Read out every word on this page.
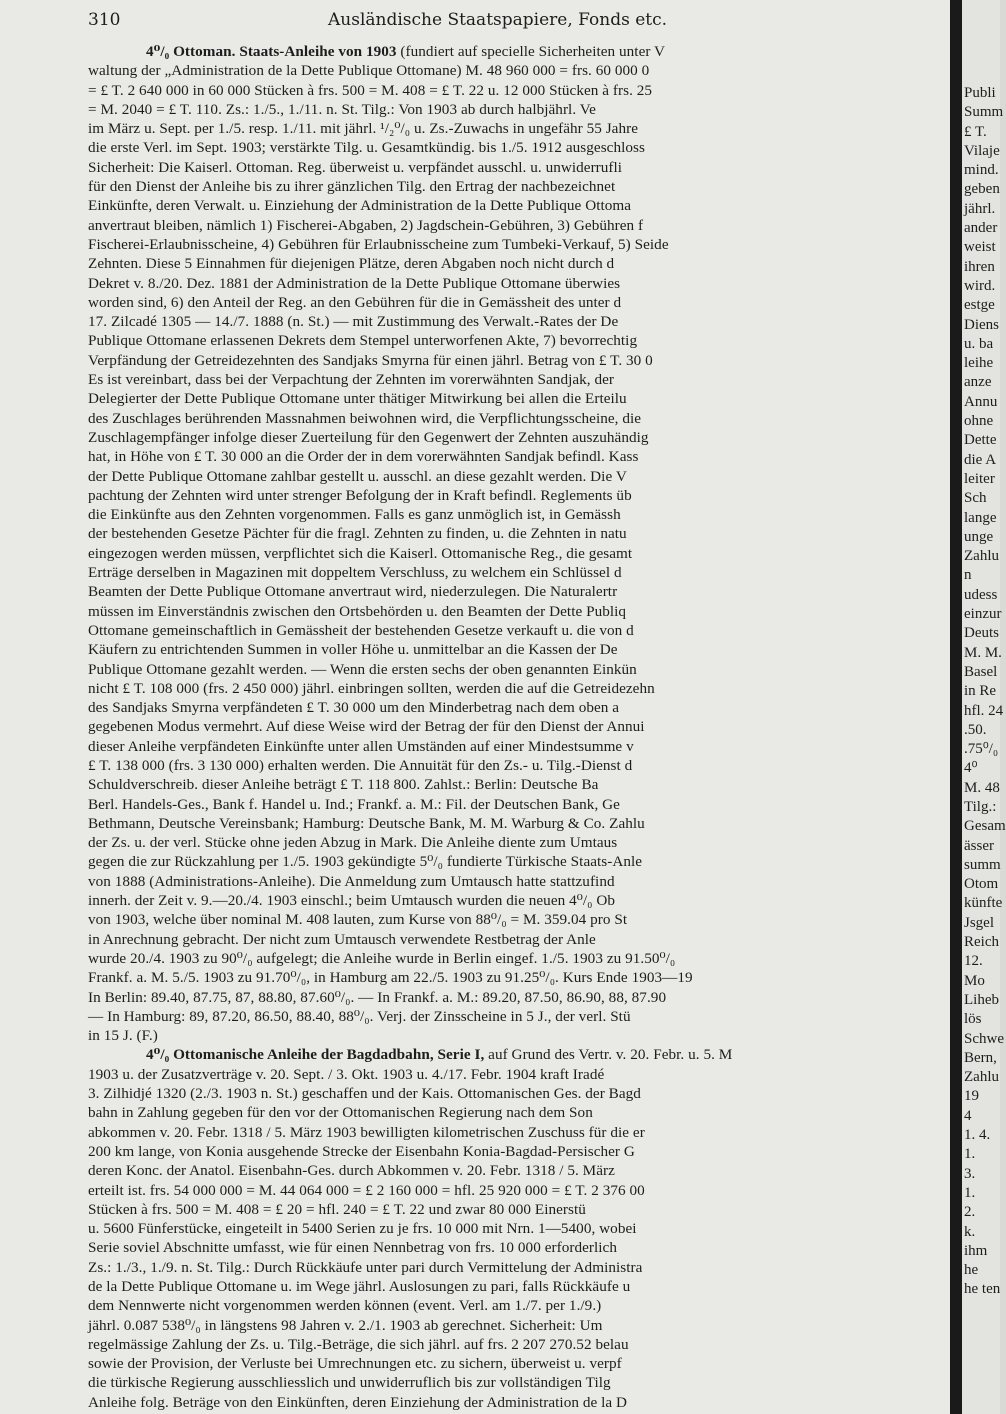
310	Ausländische Staatspapiere, Fonds etc.
4⁰/₀ Ottoman. Staats-Anleihe von 1903 (fundiert auf specielle Sicherheiten unter V
waltung der „Administration de la Dette Publique Ottomane) M. 48 960 000 = frs. 60 000 0
= £ T. 2 640 000 in 60 000 Stücken à frs. 500 = M. 408 = £ T. 22 u. 12 000 Stücken à frs. 25
= M. 2040 = £ T. 110. Zs.: 1./5., 1./11. n. St. Tilg.: Von 1903 ab durch halbjährl. Ve
im März u. Sept. per 1./5. resp. 1./11. mit jährl. ¹/₂⁰/₀ u. Zs.-Zuwachs in ungefähr 55 Jahre
die erste Verl. im Sept. 1903; verstärkte Tilg. u. Gesamtkündig. bis 1./5. 1912 ausgeschloss
Sicherheit: Die Kaiserl. Ottoman. Reg. überweist u. verpfändet ausschl. u. unwiderrufli
für den Dienst der Anleihe bis zu ihrer gänzlichen Tilg. den Ertrag der nachbezeichnet
Einkünfte, deren Verwalt. u. Einziehung der Administration de la Dette Publique Ottoma
anvertraut bleiben, nämlich 1) Fischerei-Abgaben, 2) Jagdschein-Gebühren, 3) Gebühren f
Fischerei-Erlaubnisscheine, 4) Gebühren für Erlaubnisscheine zum Tumbeki-Verkauf, 5) Seide
Zehnten. Diese 5 Einnahmen für diejenigen Plätze, deren Abgaben noch nicht durch d
Dekret v. 8./20. Dez. 1881 der Administration de la Dette Publique Ottomane überwies
worden sind, 6) den Anteil der Reg. an den Gebühren für die in Gemässheit des unter d
17. Zilcadé 1305 — 14./7. 1888 (n. St.) — mit Zustimmung des Verwalt.-Rates der De
Publique Ottomane erlassenen Dekrets dem Stempel unterworfenen Akte, 7) bevorrechtig
Verpfändung der Getreidezehnten des Sandjaks Smyrna für einen jährl. Betrag von £ T. 30 0
Es ist vereinbart, dass bei der Verpachtung der Zehnten im vorerwähnten Sandjak, der
Delegierter der Dette Publique Ottomane unter thätiger Mitwirkung bei allen die Erteilu
des Zuschlages berührenden Massnahmen beiwohnen wird, die Verpflichtungsscheine, die
Zuschlagempfänger infolge dieser Zuerteilung für den Gegenwert der Zehnten auszuhändig
hat, in Höhe von £ T. 30 000 an die Order der in dem vorerwähnten Sandjak befindl. Kass
der Dette Publique Ottomane zahlbar gestellt u. ausschl. an diese gezahlt werden. Die V
pachtung der Zehnten wird unter strenger Befolgung der in Kraft befindl. Reglements üb
die Einkünfte aus den Zehnten vorgenommen. Falls es ganz unmöglich ist, in Gemässh
der bestehenden Gesetze Pächter für die fragl. Zehnten zu finden, u. die Zehnten in natu
eingezogen werden müssen, verpflichtet sich die Kaiserl. Ottomanische Reg., die gesamt
Erträge derselben in Magazinen mit doppeltem Verschluss, zu welchem ein Schlüssel d
Beamten der Dette Publique Ottomane anvertraut wird, niederzulegen. Die Naturalertr
müssen im Einverständnis zwischen den Ortsbehörden u. den Beamten der Dette Publiq
Ottomane gemeinschaftlich in Gemässheit der bestehenden Gesetze verkauft u. die von d
Käufern zu entrichtenden Summen in voller Höhe u. unmittelbar an die Kassen der De
Publique Ottomane gezahlt werden. — Wenn die ersten sechs der oben genannten Einkün
nicht £ T. 108 000 (frs. 2 450 000) jährl. einbringen sollten, werden die auf die Getreidezehn
des Sandjaks Smyrna verpfändeten £ T. 30 000 um den Minderbetrag nach dem oben a
gegebenen Modus vermehrt. Auf diese Weise wird der Betrag der für den Dienst der Annui
dieser Anleihe verpfändeten Einkünfte unter allen Umständen auf einer Mindestsumme v
£ T. 138 000 (frs. 3 130 000) erhalten werden. Die Annuität für den Zs.- u. Tilg.-Dienst d
Schuldverschreib. dieser Anleihe beträgt £ T. 118 800. Zahlst.: Berlin: Deutsche Ba
Berl. Handels-Ges., Bank f. Handel u. Ind.; Frankf. a. M.: Fil. der Deutschen Bank, Ge
Bethmann, Deutsche Vereinsbank; Hamburg: Deutsche Bank, M. M. Warburg & Co. Zahlu
der Zs. u. der verl. Stücke ohne jeden Abzug in Mark. Die Anleihe diente zum Umtaus
gegen die zur Rückzahlung per 1./5. 1903 gekündigte 5⁰/₀ fundierte Türkische Staats-Anle
von 1888 (Administrations-Anleihe). Die Anmeldung zum Umtausch hatte stattzufind
innerh. der Zeit v. 9.—20./4. 1903 einschl.; beim Umtausch wurden die neuen 4⁰/₀ Ob
von 1903, welche über nominal M. 408 lauten, zum Kurse von 88⁰/₀ = M. 359.04 pro St
in Anrechnung gebracht. Der nicht zum Umtausch verwendete Restbetrag der Anle
wurde 20./4. 1903 zu 90⁰/₀ aufgelegt; die Anleihe wurde in Berlin eingef. 1./5. 1903 zu 91.50⁰/₀
Frankf. a. M. 5./5. 1903 zu 91.70⁰/₀, in Hamburg am 22./5. 1903 zu 91.25⁰/₀. Kurs Ende 1903—19
In Berlin: 89.40, 87.75, 87, 88.80, 87.60⁰/₀. — In Frankf. a. M.: 89.20, 87.50, 86.90, 88, 87.90
— In Hamburg: 89, 87.20, 86.50, 88.40, 88⁰/₀. Verj. der Zinsscheine in 5 J., der verl. Stü
in 15 J. (F.)
4⁰/₀ Ottomanische Anleihe der Bagdadbahn, Serie I, auf Grund des Vertr. v. 20. Febr. u. 5. M
1903 u. der Zusatzverträge v. 20. Sept. / 3. Okt. 1903 u. 4./17. Febr. 1904 kraft Iradé
3. Zilhidjé 1320 (2./3. 1903 n. St.) geschaffen und der Kais. Ottomanischen Ges. der Bagd
bahn in Zahlung gegeben für den vor der Ottomanischen Regierung nach dem Son
abkommen v. 20. Febr. 1318 / 5. März 1903 bewilligten kilometrischen Zuschuss für die er
200 km lange, von Konia ausgehende Strecke der Eisenbahn Konia-Bagdad-Persischer G
deren Konc. der Anatol. Eisenbahn-Ges. durch Abkommen v. 20. Febr. 1318 / 5. März
erteilt ist. frs. 54 000 000 = M. 44 064 000 = £ 2 160 000 = hfl. 25 920 000 = £ T. 2 376 00
Stücken à frs. 500 = M. 408 = £ 20 = hfl. 240 = £ T. 22 und zwar 80 000 Einerstü
u. 5600 Fünferstücke, eingeteilt in 5400 Serien zu je frs. 10 000 mit Nrn. 1—5400, wobei
Serie soviel Abschnitte umfasst, wie für einen Nennbetrag von frs. 10 000 erforderlich
Zs.: 1./3., 1./9. n. St. Tilg.: Durch Rückkäufe unter pari durch Vermittelung der Administra
de la Dette Publique Ottomane u. im Wege jährl. Auslosungen zu pari, falls Rückkäufe u
dem Nennwerte nicht vorgenommen werden können (event. Verl. am 1./7. per 1./9.)
jährl. 0.087 538⁰/₀ in längstens 98 Jahren v. 2./1. 1903 ab gerechnet. Sicherheit: Um
regelmässige Zahlung der Zs. u. Tilg.-Beträge, die sich jährl. auf frs. 2 207 270.52 belau
sowie der Provision, der Verluste bei Umrechnungen etc. zu sichern, überweist u. verpf
die türkische Regierung ausschliesslich und unwiderruflich bis zur vollständigen Tilg
Anleihe folg. Beträge von den Einkünften, deren Einziehung der Administration de la D
Publi
Summ
£ T.
Vilaje
mind.
geben
jährl.
ander
weist
ihren
wird.
estge
Diens
u. ba
leihe
anze
Annu
ohne
Dette
die A
leiter
Sch
lange
unge
Zahlu
n
udess
einzur
Deuts
M. M.
Basel
in Re
hfl. 24
.50.
.75⁰/₀
4⁰
M. 48
Tilg.:
Gesam
ässer
summ
Otom
künfte
Jsgel
Reich
12.
Mo
Liheb
lös
Schwe
Bern,
Zahlu
19
4
1. 4.
1.
3.
1.
2.
k.
ihm
he
he ten
